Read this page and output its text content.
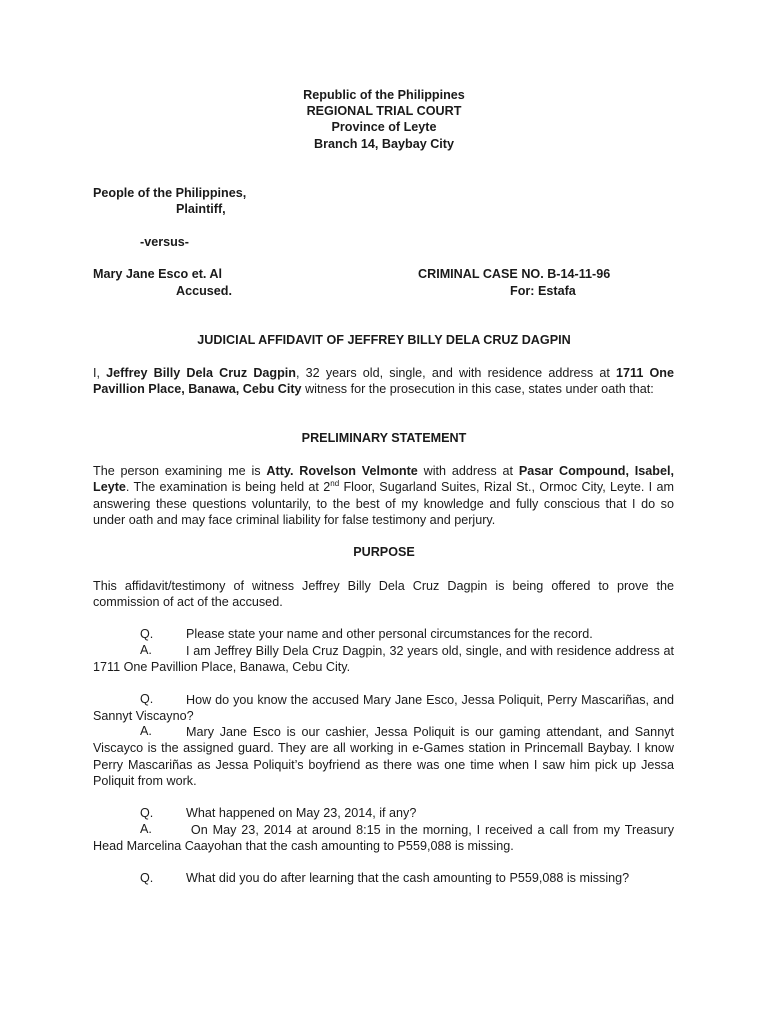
Republic of the Philippines
REGIONAL TRIAL COURT
Province of Leyte
Branch 14, Baybay City
People of the Philippines,
Plaintiff,
-versus-
Mary Jane Esco et. Al
Accused.
CRIMINAL CASE NO. B-14-11-96
For: Estafa
JUDICIAL AFFIDAVIT OF JEFFREY BILLY DELA CRUZ DAGPIN
I, Jeffrey Billy Dela Cruz Dagpin, 32 years old, single, and with residence address at 1711 One Pavillion Place, Banawa, Cebu City witness for the prosecution in this case, states under oath that:
PRELIMINARY STATEMENT
The person examining me is Atty. Rovelson Velmonte with address at Pasar Compound, Isabel, Leyte. The examination is being held at 2nd Floor, Sugarland Suites, Rizal St., Ormoc City, Leyte. I am answering these questions voluntarily, to the best of my knowledge and fully conscious that I do so under oath and may face criminal liability for false testimony and perjury.
PURPOSE
This affidavit/testimony of witness Jeffrey Billy Dela Cruz Dagpin is being offered to prove the commission of act of the accused.
Q.	Please state your name and other personal circumstances for the record.
A.	I am Jeffrey Billy Dela Cruz Dagpin, 32 years old, single, and with residence address at 1711 One Pavillion Place, Banawa, Cebu City.
Q.	How do you know the accused Mary Jane Esco, Jessa Poliquit, Perry Mascariñas, and Sannyt Viscayno?
A.	Mary Jane Esco is our cashier, Jessa Poliquit is our gaming attendant, and Sannyt Viscayco is the assigned guard. They are all working in e-Games station in Princemall Baybay. I know Perry Mascariñas as Jessa Poliquit’s boyfriend as there was one time when I saw him pick up Jessa Poliquit from work.
Q.	What happened on May 23, 2014, if any?
A.	On May 23, 2014 at around 8:15 in the morning, I received a call from my Treasury Head Marcelina Caayohan that the cash amounting to P559,088 is missing.
Q.	What did you do after learning that the cash amounting to P559,088 is missing?
